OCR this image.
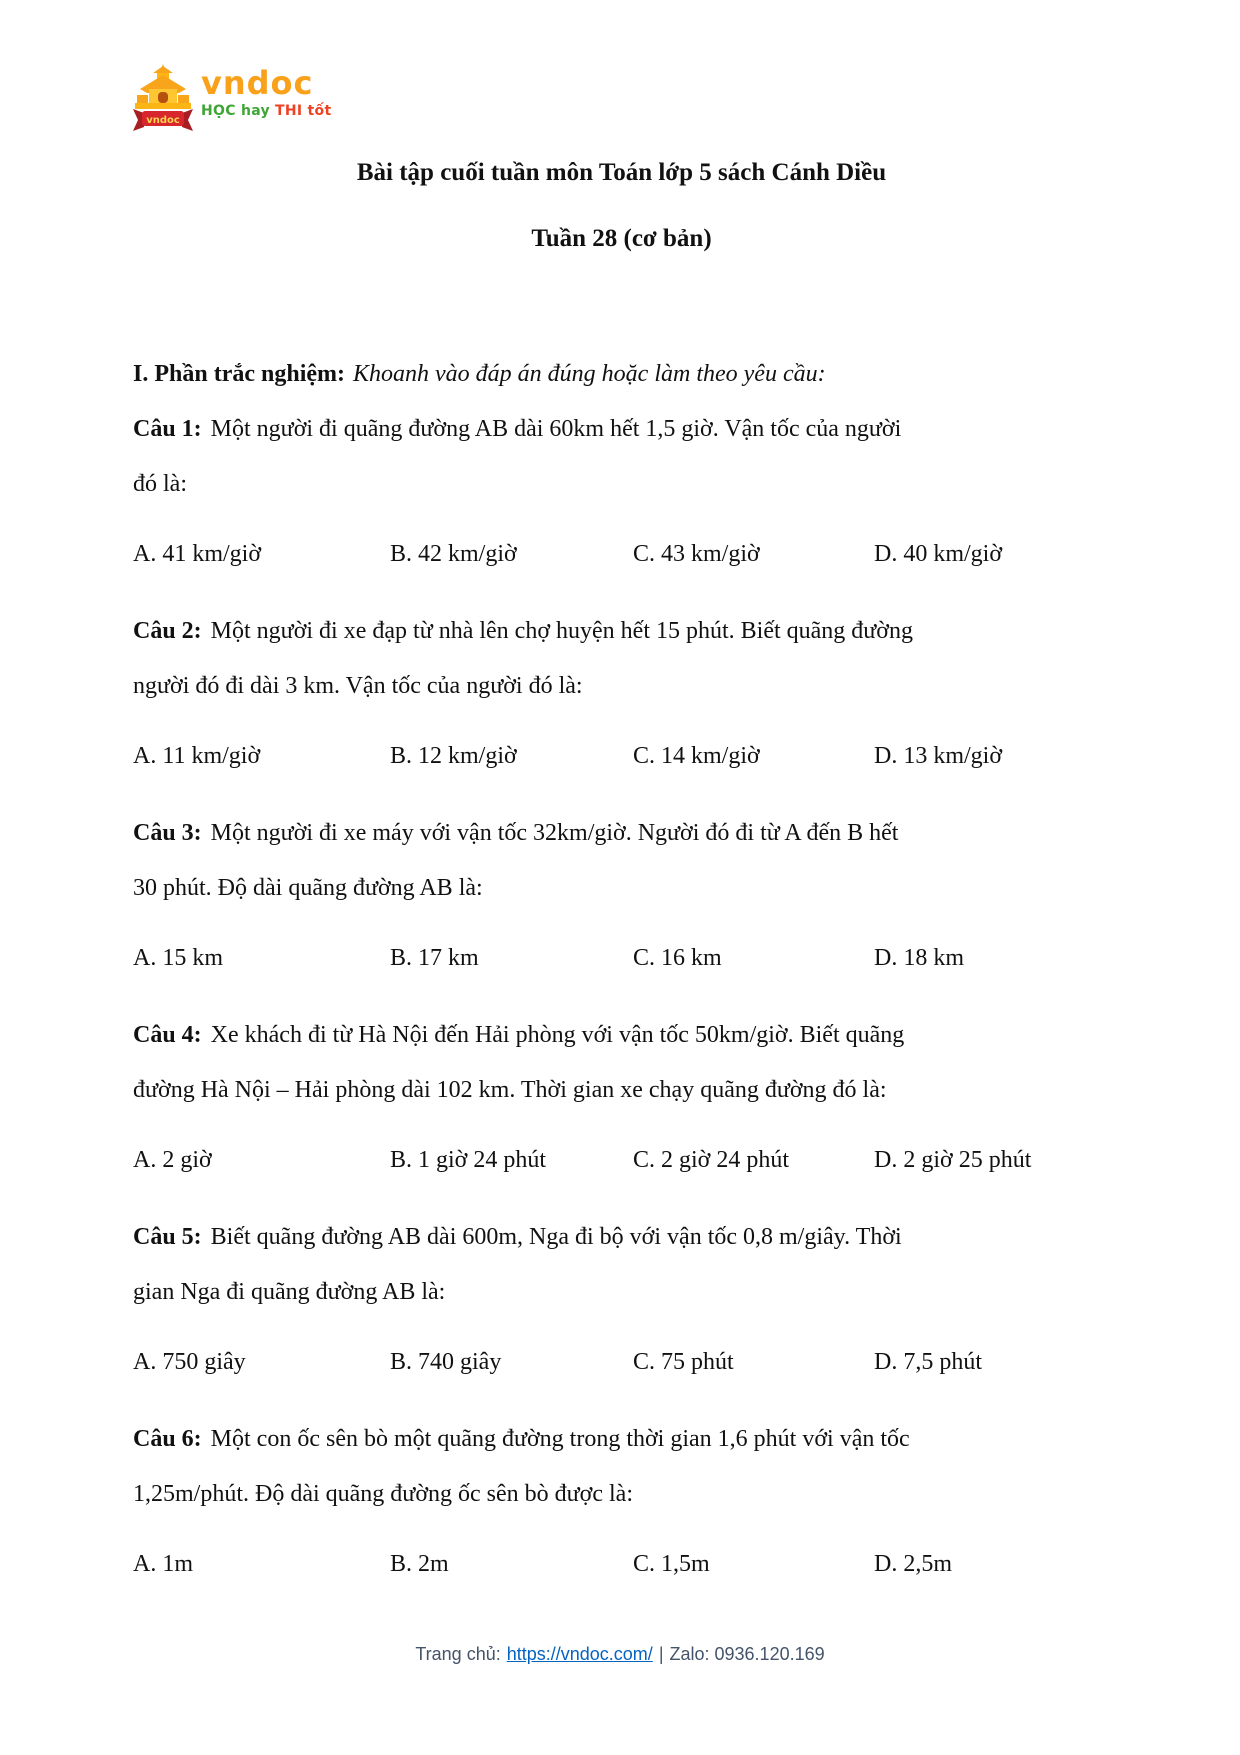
vndoc
vndoc
HỌC hay THI tốt
Bài tập cuối tuần môn Toán lớp 5 sách Cánh Diều
Tuần 28 (cơ bản)
I. Phần trắc nghiệm: Khoanh vào đáp án đúng hoặc làm theo yêu cầu:
Câu 1: Một người đi quãng đường AB dài 60km hết 1,5 giờ. Vận tốc của người
đó là:
A. 41 km/giờ	B. 42 km/giờ	C. 43 km/giờ	D. 40 km/giờ
Câu 2: Một người đi xe đạp từ nhà lên chợ huyện hết 15 phút. Biết quãng đường
người đó đi dài 3 km. Vận tốc của người đó là:
A. 11 km/giờ	B. 12 km/giờ	C. 14 km/giờ	D. 13 km/giờ
Câu 3: Một người đi xe máy với vận tốc 32km/giờ. Người đó đi từ A đến B hết
30 phút. Độ dài quãng đường AB là:
A. 15 km	B. 17 km	C. 16 km	D. 18 km
Câu 4: Xe khách đi từ Hà Nội đến Hải phòng với vận tốc 50km/giờ. Biết quãng
đường Hà Nội – Hải phòng dài 102 km. Thời gian xe chạy quãng đường đó là:
A. 2 giờ	B. 1 giờ 24 phút	C. 2 giờ 24 phút	D. 2 giờ 25 phút
Câu 5: Biết quãng đường AB dài 600m, Nga đi bộ với vận tốc 0,8 m/giây. Thời
gian Nga đi quãng đường AB là:
A. 750 giây	B. 740 giây	C. 75 phút	D. 7,5 phút
Câu 6: Một con ốc sên bò một quãng đường trong thời gian 1,6 phút với vận tốc
1,25m/phút. Độ dài quãng đường ốc sên bò được là:
A. 1m	B. 2m	C. 1,5m	D. 2,5m
Trang chủ: https://vndoc.com/ | Zalo: 0936.120.169
